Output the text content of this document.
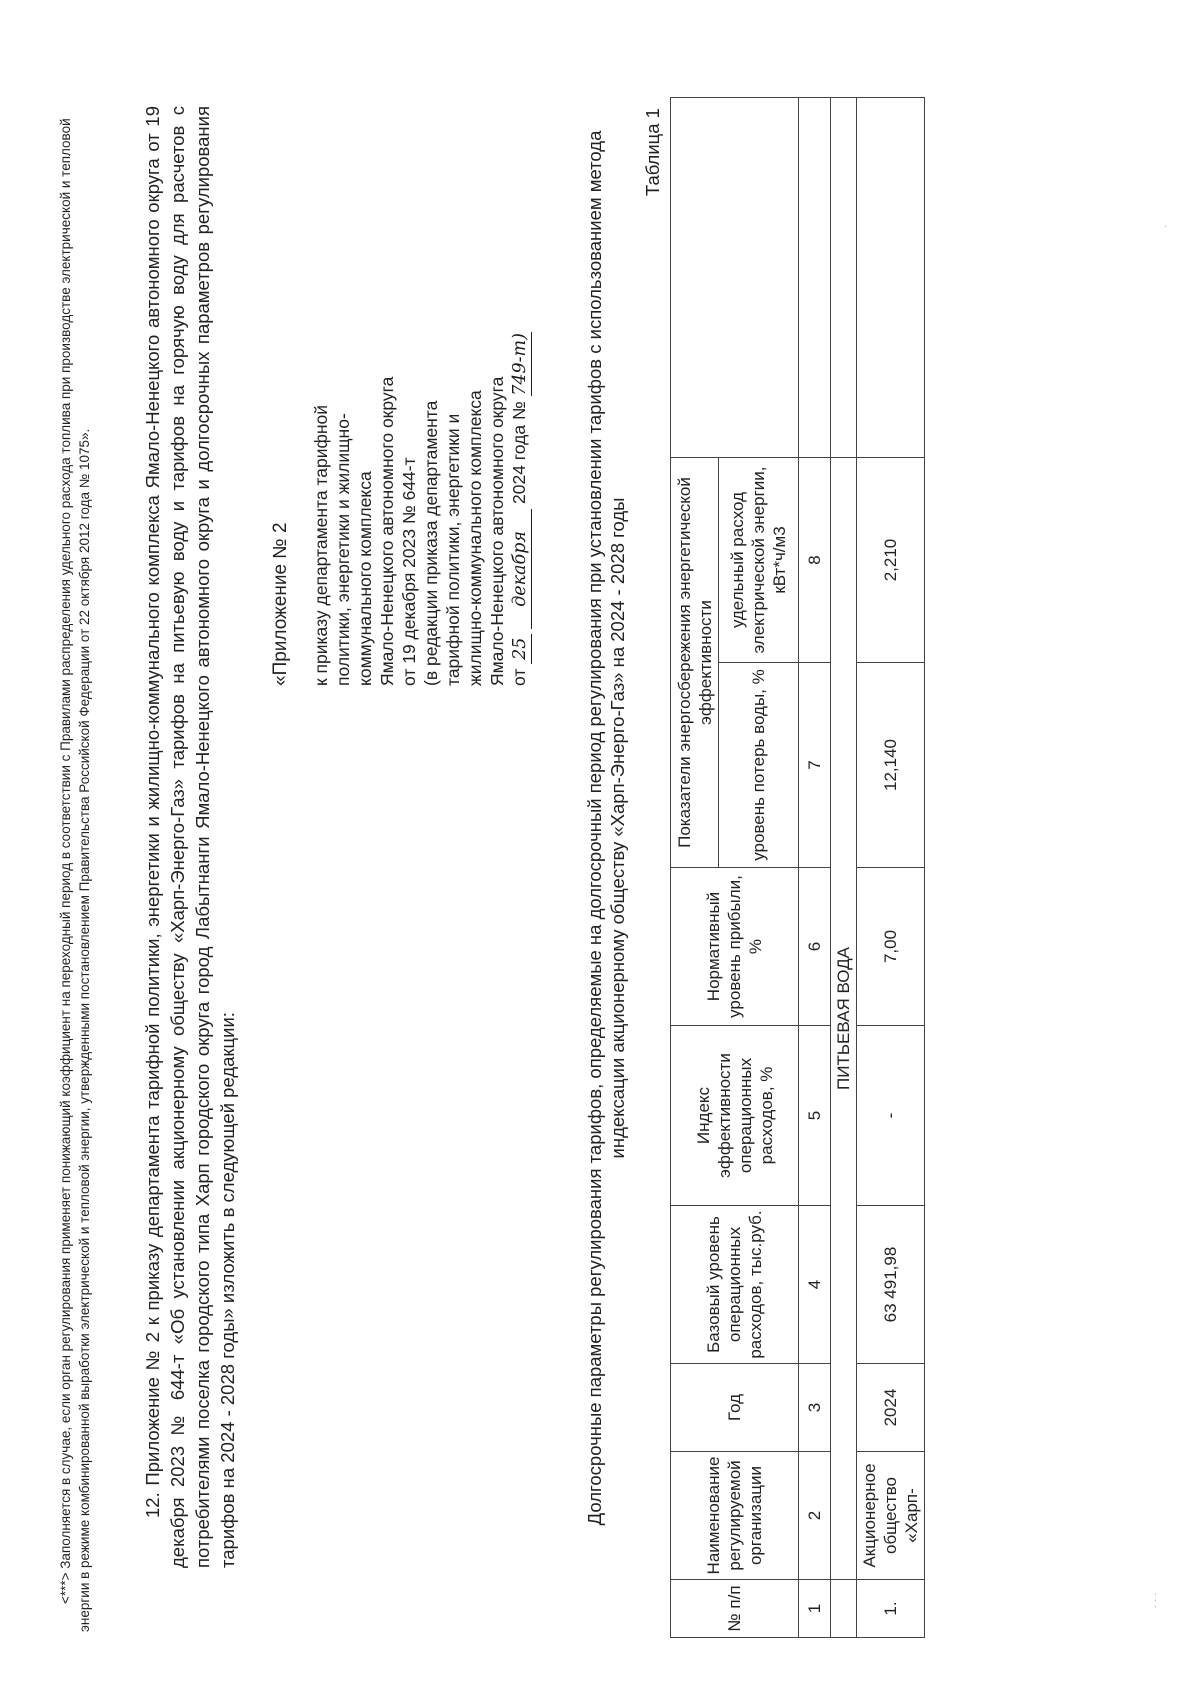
<***> Заполняется в случае, если орган регулирования применяет понижающий коэффициент на переходный период в соответствии с Правилами распределения удельного расхода топлива при производстве электрической и тепловой энергии в режиме комбинированной выработки электрической и тепловой энергии, утвержденными постановлением Правительства Российской Федерации от 22 октября 2012 года № 1075».	12. Приложение № 2 к приказу департамента тарифной политики, энергетики и жилищно-коммунального комплекса Ямало-Ненецкого автономного округа от 19 декабря 2023 № 644-т «Об установлении акционерному обществу «Харп-Энерго-Газ» тарифов на питьевую воду и тарифов на горячую воду для расчетов с потребителями поселка городского типа Харп городского округа город Лабытнанги Ямало-Ненецкого автономного округа и долгосрочных параметров регулирования тарифов на 2024 - 2028 годы» изложить в следующей редакции:

«Приложение № 2 к приказу департамента тарифной политики, энергетики и жилищно- коммунального комплекса Ямало-Ненецкого автономного округа от 19 декабря 2023 № 644-т (в редакции приказа департамента тарифной политики, энергетики и жилищно-коммунального комплекса Ямало-Ненецкого автономного округа от 25 декабря 2024 года № 749-т)	Долгосрочные параметры регулирования тарифов, определяемые на долгосрочный период регулирования при установлении тарифов с использованием метода индексации акционерному обществу «Харп-Энерго-Газ» на 2024 - 2028 годы

Таблица 1
№ п/п	Наименование регулируемой организации	Год	Базовый уровень операционных расходов, тыс.руб.	Индекс эффективности операционных расходов, %	Нормативный уровень прибыли, %	Показатели энергосбережения энергетической эффективности		
						уровень потерь воды, %	удельный расход электрической энергии, кВт*ч/м3	
1	2	3	4	5	6	7	8	
	ПИТЬЕВАЯ ВОДА							
1.	Акционерное общество «Харп-	2024	63 491,98	-	7,00	12,140	2,210	
· · ·
·
